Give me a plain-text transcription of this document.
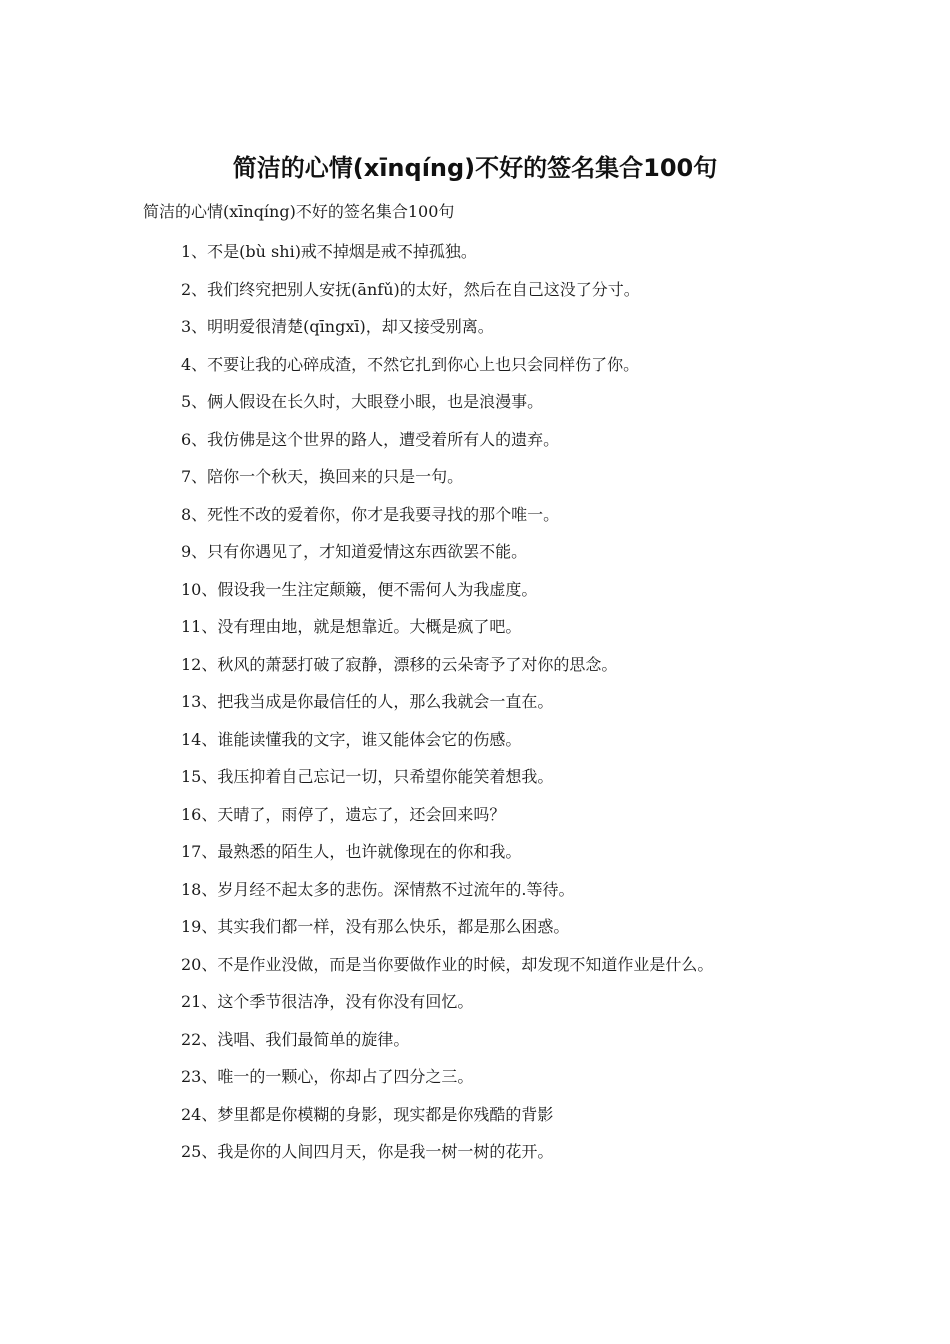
简洁的心情(xīnqíng)不好的签名集合100句
简洁的心情(xīnqíng)不好的签名集合100句
1、不是(bù shi)戒不掉烟是戒不掉孤独。
2、我们终究把别人安抚(ānfǔ)的太好，然后在自己这没了分寸。
3、明明爱很清楚(qīngxī)，却又接受别离。
4、不要让我的心碎成渣，不然它扎到你心上也只会同样伤了你。
5、俩人假设在长久时，大眼登小眼，也是浪漫事。
6、我仿佛是这个世界的路人，遭受着所有人的遗弃。
7、陪你一个秋天，换回来的只是一句。
8、死性不改的爱着你，你才是我要寻找的那个唯一。
9、只有你遇见了，才知道爱情这东西欲罢不能。
10、假设我一生注定颠簸，便不需何人为我虚度。
11、没有理由地，就是想靠近。大概是疯了吧。
12、秋风的萧瑟打破了寂静，漂移的云朵寄予了对你的思念。
13、把我当成是你最信任的人，那么我就会一直在。
14、谁能读懂我的文字，谁又能体会它的伤感。
15、我压抑着自己忘记一切，只希望你能笑着想我。
16、天晴了，雨停了，遗忘了，还会回来吗？
17、最熟悉的陌生人，也许就像现在的你和我。
18、岁月经不起太多的悲伤。深情熬不过流年的.等待。
19、其实我们都一样，没有那么快乐，都是那么困惑。
20、不是作业没做，而是当你要做作业的时候，却发现不知道作业是什么。
21、这个季节很洁净，没有你没有回忆。
22、浅唱、我们最简单的旋律。
23、唯一的一颗心，你却占了四分之三。
24、梦里都是你模糊的身影，现实都是你残酷的背影
25、我是你的人间四月天，你是我一树一树的花开。
